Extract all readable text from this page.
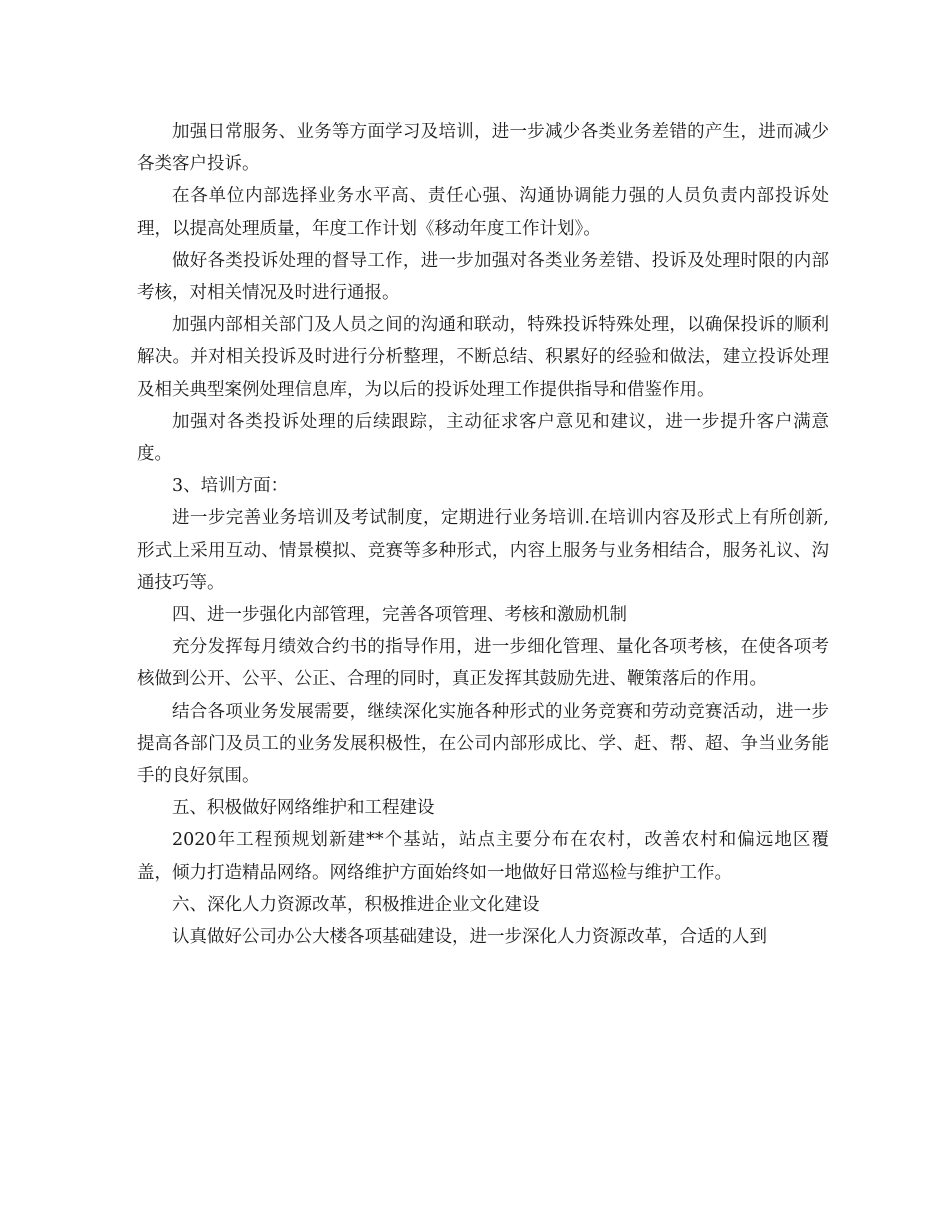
加强日常服务、业务等方面学习及培训，进一步减少各类业务差错的产生，进而减少各类客户投诉。

在各单位内部选择业务水平高、责任心强、沟通协调能力强的人员负责内部投诉处理，以提高处理质量，年度工作计划《移动年度工作计划》。

做好各类投诉处理的督导工作，进一步加强对各类业务差错、投诉及处理时限的内部考核，对相关情况及时进行通报。

加强内部相关部门及人员之间的沟通和联动，特殊投诉特殊处理，以确保投诉的顺利解决。并对相关投诉及时进行分析整理，不断总结、积累好的经验和做法，建立投诉处理及相关典型案例处理信息库，为以后的投诉处理工作提供指导和借鉴作用。

加强对各类投诉处理的后续跟踪，主动征求客户意见和建议，进一步提升客户满意度。

3、培训方面：

进一步完善业务培训及考试制度，定期进行业务培训.在培训内容及形式上有所创新,形式上采用互动、情景模拟、竞赛等多种形式，内容上服务与业务相结合，服务礼议、沟通技巧等。

四、进一步强化内部管理，完善各项管理、考核和激励机制

充分发挥每月绩效合约书的指导作用，进一步细化管理、量化各项考核，在使各项考核做到公开、公平、公正、合理的同时，真正发挥其鼓励先进、鞭策落后的作用。

结合各项业务发展需要，继续深化实施各种形式的业务竞赛和劳动竞赛活动，进一步提高各部门及员工的业务发展积极性，在公司内部形成比、学、赶、帮、超、争当业务能手的良好氛围。

五、积极做好网络维护和工程建设

2020年工程预规划新建**个基站，站点主要分布在农村，改善农村和偏远地区覆盖，倾力打造精品网络。网络维护方面始终如一地做好日常巡检与维护工作。

六、深化人力资源改革，积极推进企业文化建设

认真做好公司办公大楼各项基础建设，进一步深化人力资源改革，合适的人到
